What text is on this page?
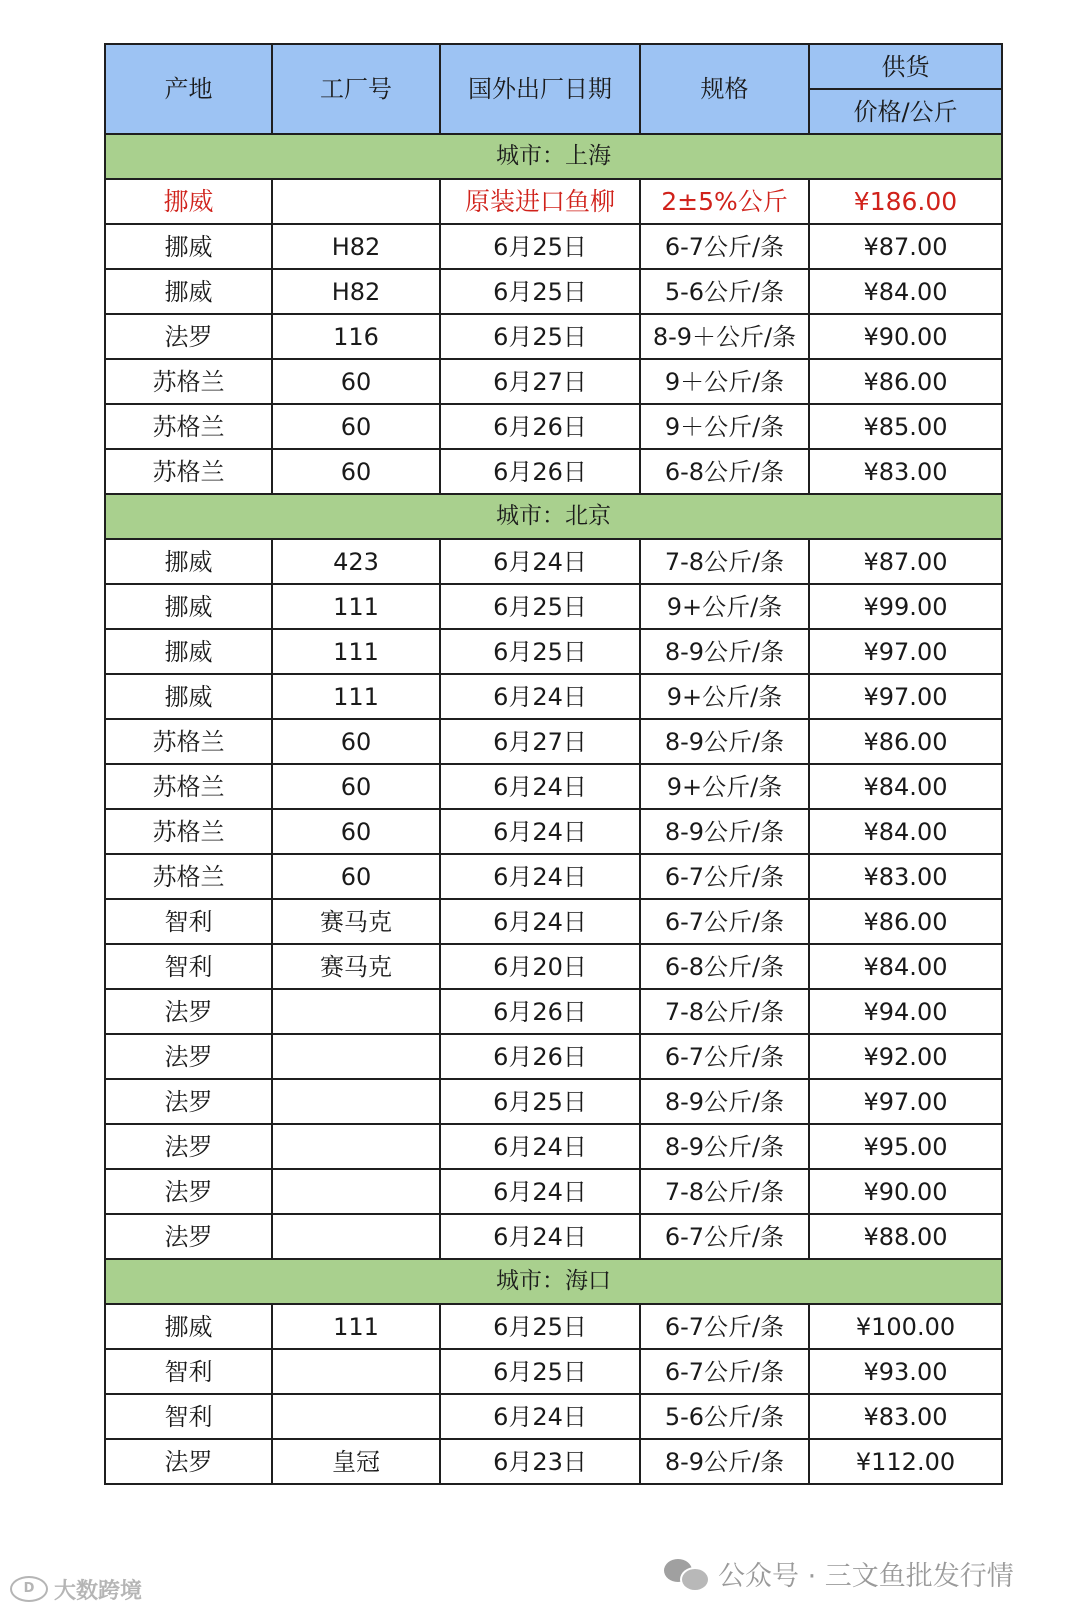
产地	工厂号	国外出厂日期	规格	供货
				价格/公斤
城市：上海				
挪威		原装进口鱼柳	2±5%公斤	¥186.00
挪威	H82	6月25日	6-7公斤/条	¥87.00
挪威	H82	6月25日	5-6公斤/条	¥84.00
法罗	116	6月25日	8-9＋公斤/条	¥90.00
苏格兰	60	6月27日	9＋公斤/条	¥86.00
苏格兰	60	6月26日	9＋公斤/条	¥85.00
苏格兰	60	6月26日	6-8公斤/条	¥83.00
城市：北京				
挪威	423	6月24日	7-8公斤/条	¥87.00
挪威	111	6月25日	9+公斤/条	¥99.00
挪威	111	6月25日	8-9公斤/条	¥97.00
挪威	111	6月24日	9+公斤/条	¥97.00
苏格兰	60	6月27日	8-9公斤/条	¥86.00
苏格兰	60	6月24日	9+公斤/条	¥84.00
苏格兰	60	6月24日	8-9公斤/条	¥84.00
苏格兰	60	6月24日	6-7公斤/条	¥83.00
智利	赛马克	6月24日	6-7公斤/条	¥86.00
智利	赛马克	6月20日	6-8公斤/条	¥84.00
法罗		6月26日	7-8公斤/条	¥94.00
法罗		6月26日	6-7公斤/条	¥92.00
法罗		6月25日	8-9公斤/条	¥97.00
法罗		6月24日	8-9公斤/条	¥95.00
法罗		6月24日	7-8公斤/条	¥90.00
法罗		6月24日	6-7公斤/条	¥88.00
城市：海口				
挪威	111	6月25日	6-7公斤/条	¥100.00
智利		6月25日	6-7公斤/条	¥93.00
智利		6月24日	5-6公斤/条	¥83.00
法罗	皇冠	6月23日	8-9公斤/条	¥112.00
公众号 · 三文鱼批发行情
D 大数跨境
